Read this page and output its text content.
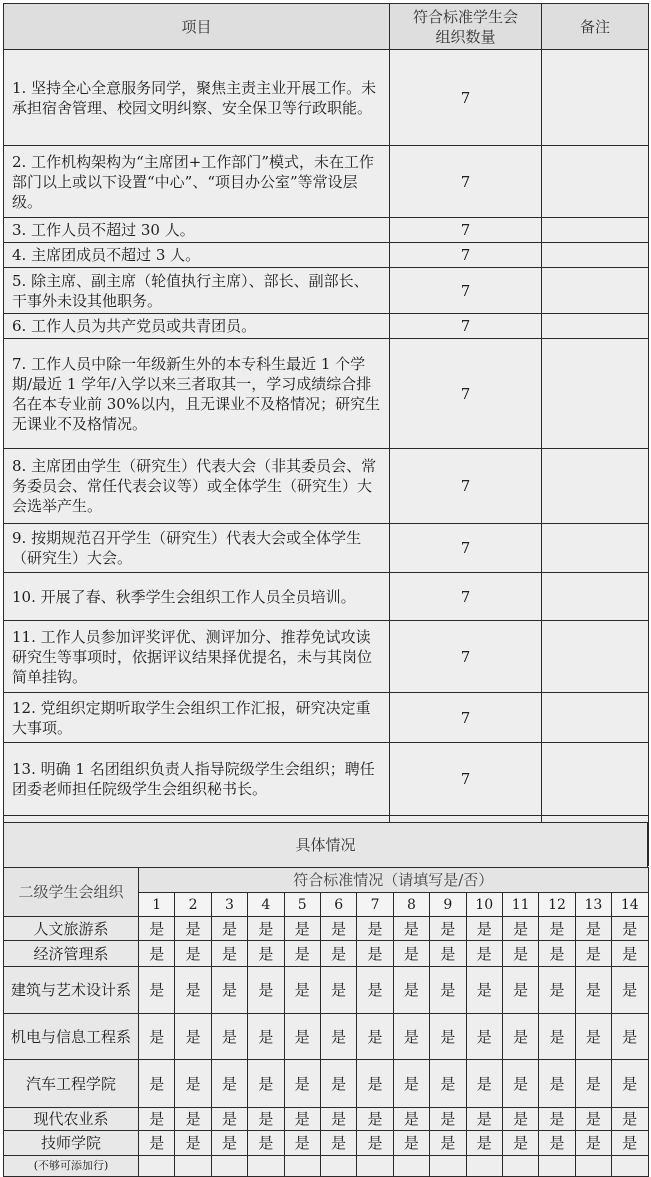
项目	符合标准学生会组织数量	备注
1. 坚持全心全意服务同学，聚焦主责主业开展工作。未承担宿舍管理、校园文明纠察、安全保卫等行政职能。	7	
2. 工作机构架构为“主席团+工作部门”模式，未在工作部门以上或以下设置“中心”、“项目办公室”等常设层级。	7	
3. 工作人员不超过 30 人。	7	
4. 主席团成员不超过 3 人。	7	
5. 除主席、副主席（轮值执行主席）、部长、副部长、干事外未设其他职务。	7	
6. 工作人员为共产党员或共青团员。	7	
7. 工作人员中除一年级新生外的本专科生最近 1 个学期/最近 1 学年/入学以来三者取其一，学习成绩综合排名在本专业前 30%以内，且无课业不及格情况；研究生无课业不及格情况。	7	
8. 主席团由学生（研究生）代表大会（非其委员会、常务委员会、常任代表会议等）或全体学生（研究生）大会选举产生。	7	
9. 按期规范召开学生（研究生）代表大会或全体学生（研究生）大会。	7	
10. 开展了春、秋季学生会组织工作人员全员培训。	7	
11. 工作人员参加评奖评优、测评加分、推荐免试攻读研究生等事项时，依据评议结果择优提名，未与其岗位简单挂钩。	7	
12. 党组织定期听取学生会组织工作汇报，研究决定重大事项。	7	
13. 明确 1 名团组织负责人指导院级学生会组织；聘任团委老师担任院级学生会组织秘书长。	7	

具体情况
二级学生会组织	符合标准情况（请填写是/否）													
	1	2	3	4	5	6	7	8	9	10	11	12	13	14
人文旅游系	是	是	是	是	是	是	是	是	是	是	是	是	是	是
经济管理系	是	是	是	是	是	是	是	是	是	是	是	是	是	是
建筑与艺术设计系	是	是	是	是	是	是	是	是	是	是	是	是	是	是
机电与信息工程系	是	是	是	是	是	是	是	是	是	是	是	是	是	是
汽车工程学院	是	是	是	是	是	是	是	是	是	是	是	是	是	是
现代农业系	是	是	是	是	是	是	是	是	是	是	是	是	是	是
技师学院	是	是	是	是	是	是	是	是	是	是	是	是	是	是
(不够可添加行)														
